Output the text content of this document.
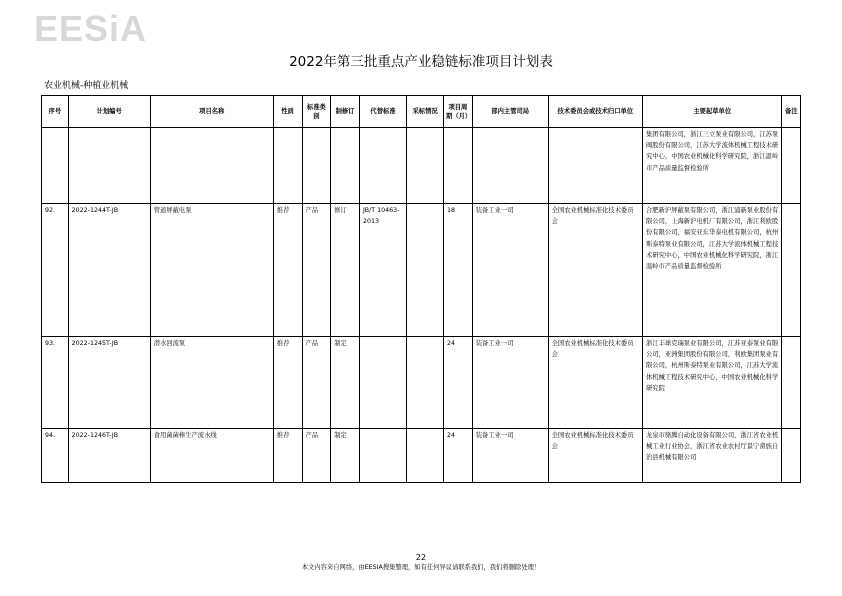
EESiA
2022年第三批重点产业稳链标准项目计划表
农业机械-种植业机械
序号	计划编号	项目名称	性质	标准类别	制修订	代替标准	采标情况	项目周期（月）	部内主管司局	技术委员会或技术归口单位	主要起草单位	备注
											集团有限公司，浙江三立泵业有限公司，江苏泵阀股份有限公司，江苏大学流体机械工程技术研究中心，中国农业机械化科学研究院，浙江温岭市产品质量监督检验所	
92.	2022-1244T-JB	管道屏蔽电泵	推荐	产品	修订	JB/T 10463-2013		18	装备工业一司	全国农业机械标准化技术委员会	合肥新沪屏蔽泵有限公司，浙江浦新泵业股份有限公司，上海新沪电机厂有限公司，浙江利欧股份有限公司，福安亚东华泰电机有限公司，杭州斯泰特泵业有限公司，江苏大学流体机械工程技术研究中心，中国农业机械化科学研究院，浙江温岭市产品质量监督检验所	
93.	2022-1245T-JB	潜水回流泵	推荐	产品	制定			24	装备工业一司	全国农业机械标准化技术委员会	浙江丰球克瑞泵业有限公司，江苏亚泰泵业有限公司，亚洲集团股份有限公司，利欧集团泵业有限公司，杭州斯泰特泵业有限公司，江苏大学流体机械工程技术研究中心，中国农业机械化科学研究院	
94.	2022-1246T-JB	食用菌菌棒生产流水线	推荐	产品	制定			24	装备工业一司	全国农业机械标准化技术委员会	龙泉市骆腾自动化设备有限公司，浙江省农业机械工业行业协会，浙江省农业农村厅景宁畲族自治县机械有限公司	
22
本文内容来自网络，由EESIA搜集整理，如有任何异议请联系我们，我们将删除处理！
